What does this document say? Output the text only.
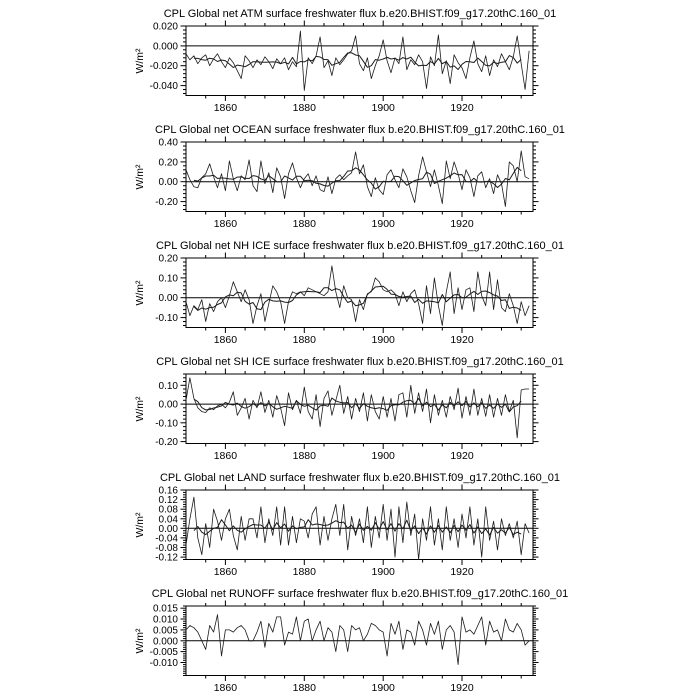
CPL Global net ATM surface freshwater flux b.e20.BHIST.f09_g17.20thC.160_01
W/m²
1860	1880	1900	1920
0.020
0.000
-0.020
-0.040
CPL Global net OCEAN surface freshwater flux b.e20.BHIST.f09_g17.20thC.160_01
W/m²
1860	1880	1900	1920
0.40
0.20
0.00
-0.20
CPL Global net NH ICE surface freshwater flux b.e20.BHIST.f09_g17.20thC.160_01
W/m²
1860	1880	1900	1920
0.20
0.10
0.00
-0.10
CPL Global net SH ICE surface freshwater flux b.e20.BHIST.f09_g17.20thC.160_01
W/m²
1860	1880	1900	1920
0.10
0.00
-0.10
-0.20
CPL Global net LAND surface freshwater flux b.e20.BHIST.f09_g17.20thC.160_01
W/m²
1860	1880	1900	1920
0.16
0.12
0.08
0.04
0.00
-0.04
-0.08
-0.12
CPL Global net RUNOFF surface freshwater flux b.e20.BHIST.f09_g17.20thC.160_01
W/m²
1860	1880	1900	1920
0.015
0.010
0.005
0.000
-0.005
-0.010
